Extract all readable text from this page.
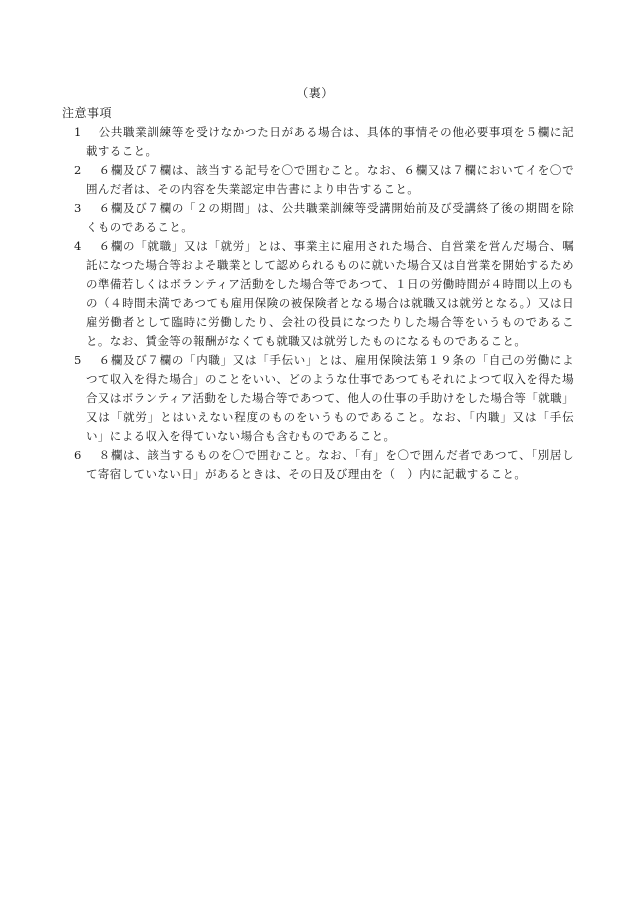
（裏）
注意事項
1	公共職業訓練等を受けなかつた日がある場合は、具体的事情その他必要事項を５欄に記載すること。
2	６欄及び７欄は、該当する記号を〇で囲むこと。なお、６欄又は７欄においてイを〇で囲んだ者は、その内容を失業認定申告書により申告すること。
3	６欄及び７欄の「２の期間」は、公共職業訓練等受講開始前及び受講終了後の期間を除くものであること。
4	６欄の「就職」又は「就労」とは、事業主に雇用された場合、自営業を営んだ場合、嘱託になつた場合等およそ職業として認められるものに就いた場合又は自営業を開始するための準備若しくはボランティア活動をした場合等であつて、１日の労働時間が４時間以上のもの（４時間未満であつても雇用保険の被保険者となる場合は就職又は就労となる。）又は日雇労働者として臨時に労働したり、会社の役員になつたりした場合等をいうものであること。なお、賃金等の報酬がなくても就職又は就労したものになるものであること。
5	６欄及び７欄の「内職」又は「手伝い」とは、雇用保険法第１９条の「自己の労働によつて収入を得た場合」のことをいい、どのような仕事であつてもそれによつて収入を得た場合又はボランティア活動をした場合等であつて、他人の仕事の手助けをした場合等「就職」又は「就労」とはいえない程度のものをいうものであること。なお、「内職」又は「手伝い」による収入を得ていない場合も含むものであること。
6	８欄は、該当するものを〇で囲むこと。なお、「有」を〇で囲んだ者であつて、「別居して寄宿していない日」があるときは、その日及び理由を（　）内に記載すること。
